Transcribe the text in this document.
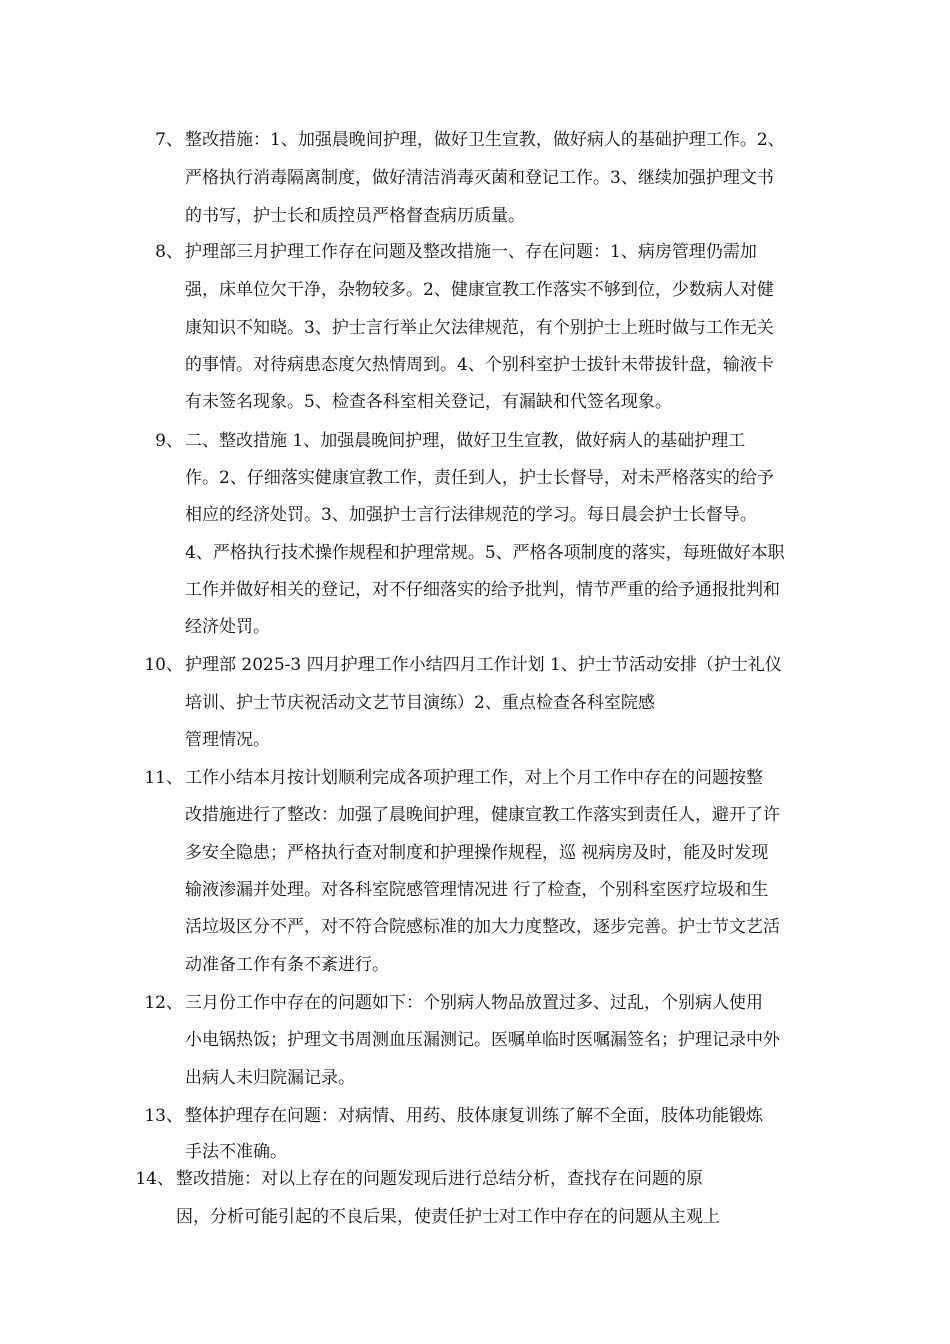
7、 整改措施：1、加强晨晚间护理，做好卫生宣教，做好病人的基础护理工作。2、
严格执行消毒隔离制度，做好清洁消毒灭菌和登记工作。3、继续加强护理文书
的书写，护士长和质控员严格督查病历质量。
8、 护理部三月护理工作存在问题及整改措施一、存在问题：1、病房管理仍需加
强，床单位欠干净，杂物较多。2、健康宣教工作落实不够到位，少数病人对健
康知识不知晓。3、护士言行举止欠法律规范，有个别护士上班时做与工作无关
的事情。对待病患态度欠热情周到。4、个别科室护士拔针未带拔针盘，输液卡
有未签名现象。5、检查各科室相关登记，有漏缺和代签名现象。
9、 二、整改措施 1、加强晨晚间护理，做好卫生宣教，做好病人的基础护理工
作。2、仔细落实健康宣教工作，责任到人，护士长督导，对未严格落实的给予
相应的经济处罚。3、加强护士言行法律规范的学习。每日晨会护士长督导。
4、严格执行技术操作规程和护理常规。5、严格各项制度的落实，每班做好本职
工作并做好相关的登记，对不仔细落实的给予批判，情节严重的给予通报批判和
经济处罚。
10、 护理部 2025-3 四月护理工作小结四月工作计划 1、护士节活动安排（护士礼仪
培训、护士节庆祝活动文艺节目演练）2、重点检查各科室院感
管理情况。
11、 工作小结本月按计划顺利完成各项护理工作，对上个月工作中存在的问题按整
改措施进行了整改：加强了晨晚间护理，健康宣教工作落实到责任人，避开了许
多安全隐患；严格执行查对制度和护理操作规程，巡 视病房及时，能及时发现
输液渗漏并处理。对各科室院感管理情况进 行了检查，个别科室医疗垃圾和生
活垃圾区分不严，对不符合院感标准的加大力度整改，逐步完善。护士节文艺活
动准备工作有条不紊进行。
12、 三月份工作中存在的问题如下：个别病人物品放置过多、过乱，个别病人使用
小电锅热饭；护理文书周测血压漏测记。医嘱单临时医嘱漏签名；护理记录中外
出病人未归院漏记录。
13、 整体护理存在问题：对病情、用药、肢体康复训练了解不全面，肢体功能锻炼
手法不准确。
14、 整改措施：对以上存在的问题发现后进行总结分析，查找存在问题的原
因，分析可能引起的不良后果，使责任护士对工作中存在的问题从主观上
